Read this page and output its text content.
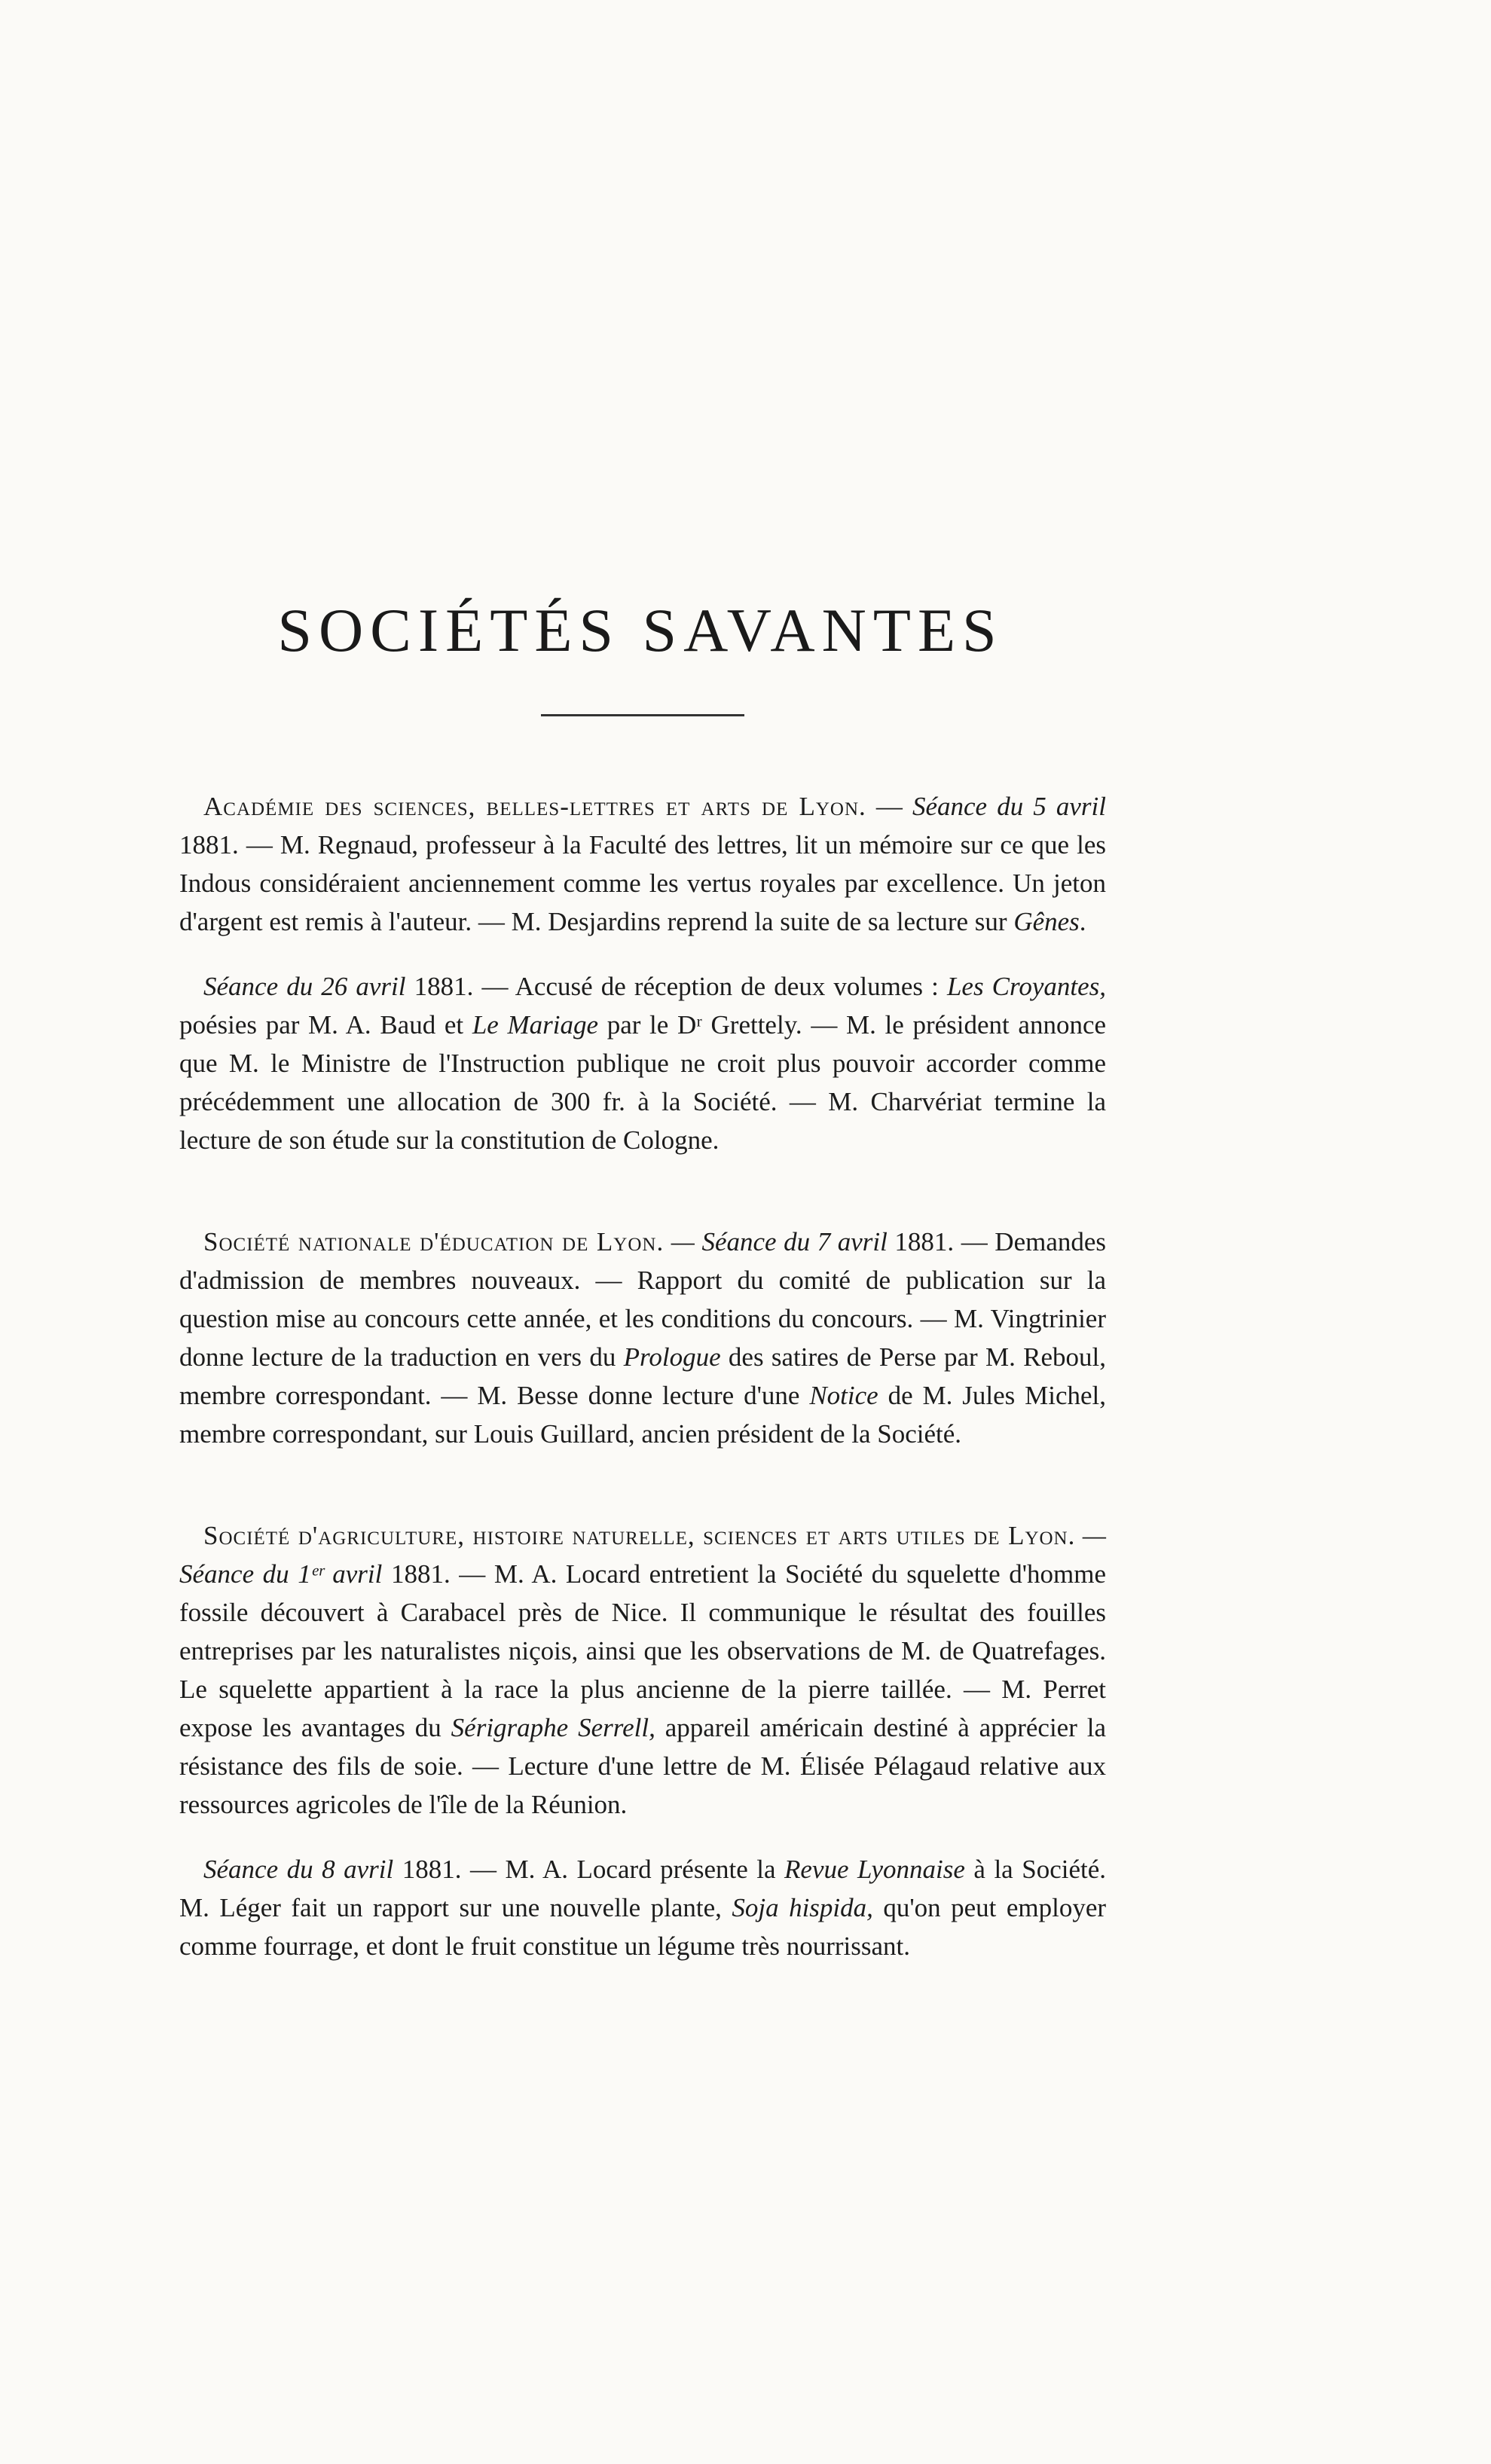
SOCIÉTÉS SAVANTES

Académie des sciences, belles-lettres et arts de Lyon. — Séance du 5 avril 1881. — M. Regnaud, professeur à la Faculté des lettres, lit un mémoire sur ce que les Indous considéraient anciennement comme les vertus royales par excellence. Un jeton d'argent est remis à l'auteur. — M. Desjardins reprend la suite de sa lecture sur Gênes.

Séance du 26 avril 1881. — Accusé de réception de deux volumes : Les Croyantes, poésies par M. A. Baud et Le Mariage par le Dʳ Grettely. — M. le président annonce que M. le Ministre de l'Instruction publique ne croit plus pouvoir accorder comme précédemment une allocation de 300 fr. à la Société. — M. Charvériat termine la lecture de son étude sur la constitution de Cologne.

Société nationale d'éducation de Lyon. — Séance du 7 avril 1881. — Demandes d'admission de membres nouveaux. — Rapport du comité de publication sur la question mise au concours cette année, et les conditions du concours. — M. Vingtrinier donne lecture de la traduction en vers du Prologue des satires de Perse par M. Reboul, membre correspondant. — M. Besse donne lecture d'une Notice de M. Jules Michel, membre correspondant, sur Louis Guillard, ancien président de la Société.

Société d'agriculture, histoire naturelle, sciences et arts utiles de Lyon. —Séance du 1ᵉʳ avril 1881. — M. A. Locard entretient la Société du squelette d'homme fossile découvert à Carabacel près de Nice. Il communique le résultat des fouilles entreprises par les naturalistes niçois, ainsi que les observations de M. de Quatrefages. Le squelette appartient à la race la plus ancienne de la pierre taillée. — M. Perret expose les avantages du Sérigraphe Serrell, appareil américain destiné à apprécier la résistance des fils de soie. — Lecture d'une lettre de M. Élisée Pélagaud relative aux ressources agricoles de l'île de la Réunion.

Séance du 8 avril 1881. — M. A. Locard présente la Revue Lyonnaise à la Société. M. Léger fait un rapport sur une nouvelle plante, Soja hispida, qu'on peut employer comme fourrage, et dont le fruit constitue un légume très nourrissant.
